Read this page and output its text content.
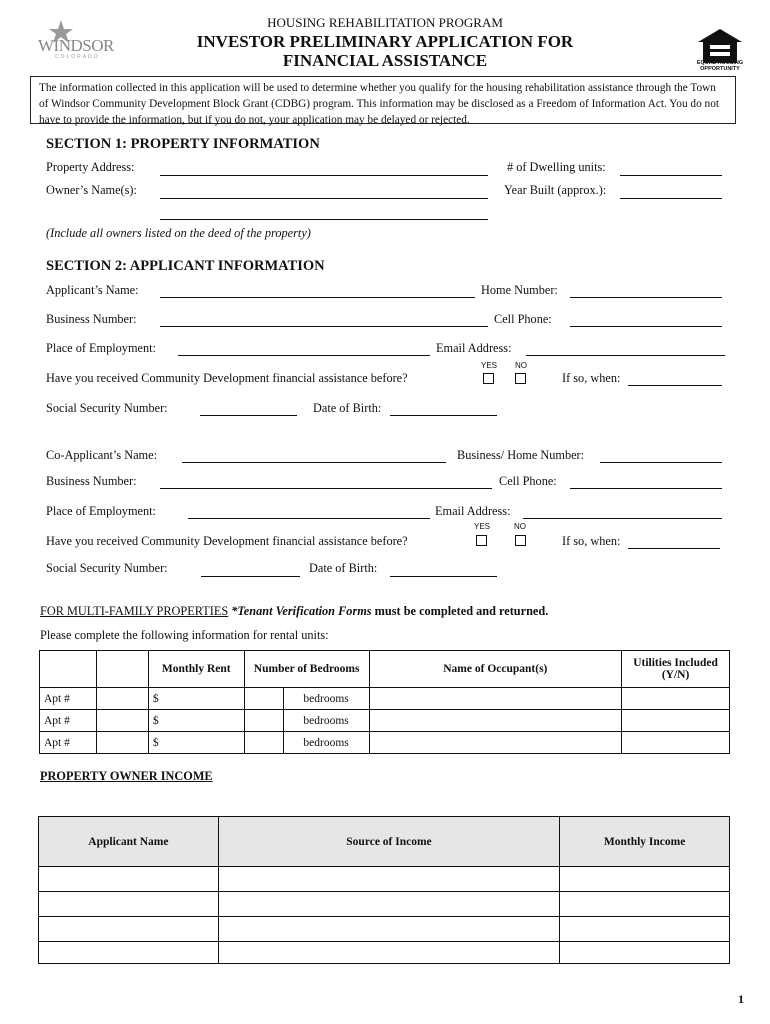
HOUSING REHABILITATION PROGRAM
INVESTOR PRELIMINARY APPLICATION FOR
FINANCIAL ASSISTANCE
WINDSOR
COLORADO
EQUAL HOUSING
OPPORTUNITY
The information collected in this application will be used to determine whether you qualify for the housing rehabilitation assistance through the Town of Windsor Community Development Block Grant (CDBG) program. This information may be disclosed as a Freedom of Information Act. You do not have to provide the information, but if you do not, your application may be delayed or rejected.
SECTION 1: PROPERTY INFORMATION
Property Address:	# of Dwelling units:
Owner’s Name(s):	Year Built (approx.):
(Include all owners listed on the deed of the property)
SECTION 2: APPLICANT INFORMATION
Applicant’s Name:	Home Number:
Business Number:	Cell Phone:
Place of Employment:	Email Address:
YES NO
Have you received Community Development financial assistance before?	If so, when:
Social Security Number:	Date of Birth:
Co-Applicant’s Name:	Business/ Home Number:
Business Number:	Cell Phone:
Place of Employment:	Email Address:
YES	NO
Have you received Community Development financial assistance before?	If so, when:
Social Security Number:	Date of Birth:
FOR MULTI-FAMILY PROPERTIES *Tenant Verification Forms must be completed and returned.
Please complete the following information for rental units:
		Monthly Rent	Number of Bedrooms		Name of Occupant(s)	Utilities Included (Y/N)
Apt #		$		bedrooms		
Apt #		$		bedrooms		
Apt #		$		bedrooms		
PROPERTY OWNER INCOME
Applicant Name	Source of Income	Monthly Income

1
